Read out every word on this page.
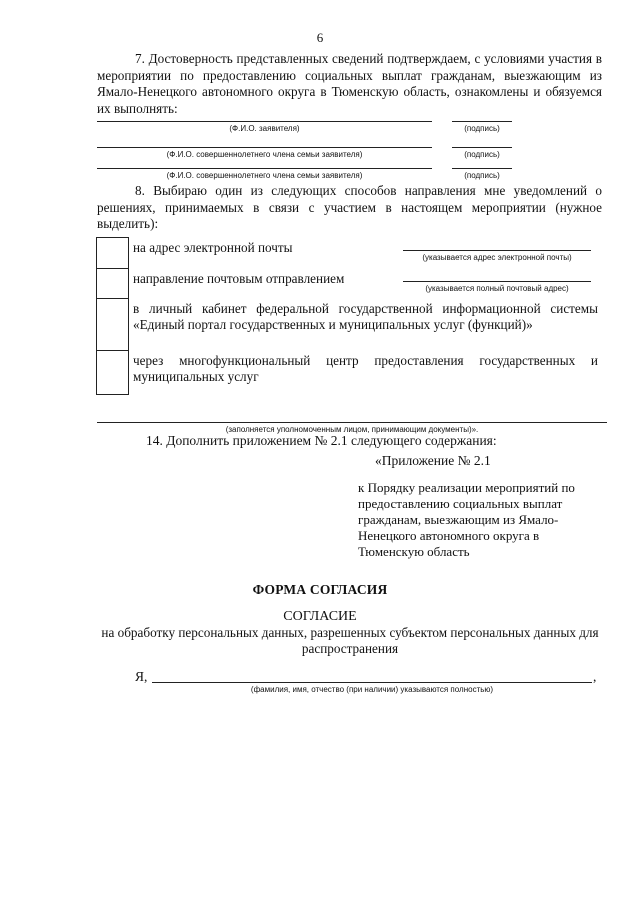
6
7. Достоверность представленных сведений подтверждаем, с условиями участия в мероприятии по предоставлению социальных выплат гражданам, выезжающим из Ямало-Ненецкого автономного округа в Тюменскую область, ознакомлены и обязуемся их выполнять:
(Ф.И.О. заявителя)	(подпись)
(Ф.И.О. совершеннолетнего члена семьи заявителя)	(подпись)
(Ф.И.О. совершеннолетнего члена семьи заявителя)	(подпись)
8. Выбираю один из следующих способов направления мне уведомлений о решениях, принимаемых в связи с участием в настоящем мероприятии (нужное выделить):
	на адрес электронной почты	(указывается адрес электронной почты)

	направление почтовым отправлением	(указывается полный почтовый адрес)

	в личный кабинет федеральной государственной информационной системы «Единый портал государственных и муниципальных услуг (функций)»	
	через многофункциональный центр предоставления государственных и муниципальных услуг	
(заполняется уполномоченным лицом, принимающим документы)».
14. Дополнить приложением № 2.1 следующего содержания:
«Приложение № 2.1
к Порядку реализации мероприятий по предоставлению социальных выплат гражданам, выезжающим из Ямало-Ненецкого автономного округа в Тюменскую область
ФОРМА СОГЛАСИЯ
СОГЛАСИЕ
на обработку персональных данных, разрешенных субъектом персональных данных для распространения
Я,	,
(фамилия, имя, отчество (при наличии) указываются полностью)
